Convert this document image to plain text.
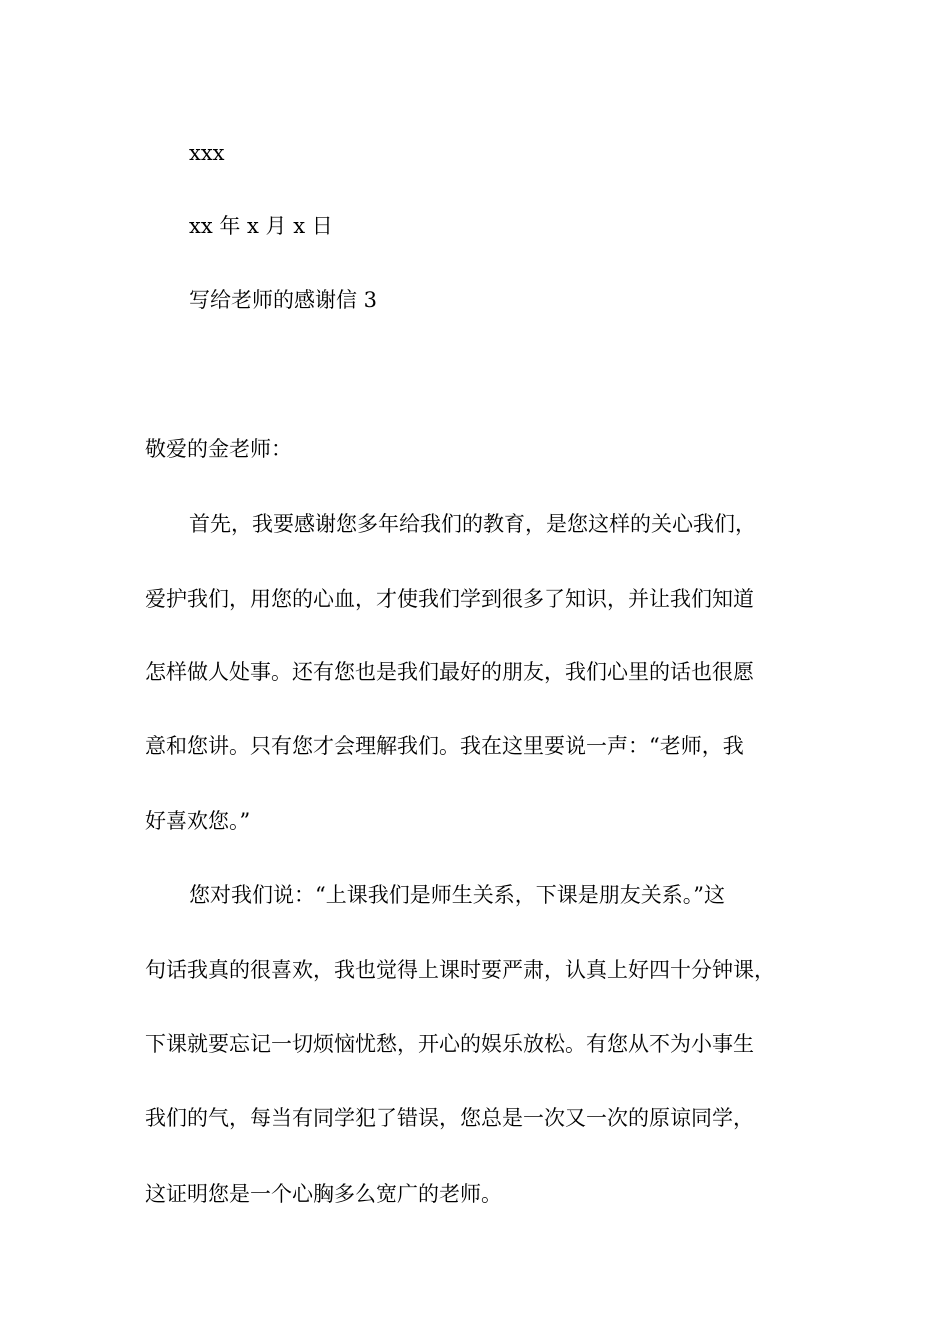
xxx
xx 年 x 月 x 日
写给老师的感谢信 3
敬爱的金老师：
首先，我要感谢您多年给我们的教育，是您这样的关心我们，
爱护我们，用您的心血，才使我们学到很多了知识，并让我们知道
怎样做人处事。还有您也是我们最好的朋友，我们心里的话也很愿
意和您讲。只有您才会理解我们。我在这里要说一声：“老师，我
好喜欢您。”
您对我们说：“上课我们是师生关系，下课是朋友关系。”这
句话我真的很喜欢，我也觉得上课时要严肃，认真上好四十分钟课，
下课就要忘记一切烦恼忧愁，开心的娱乐放松。有您从不为小事生
我们的气，每当有同学犯了错误，您总是一次又一次的原谅同学，
这证明您是一个心胸多么宽广的老师。
